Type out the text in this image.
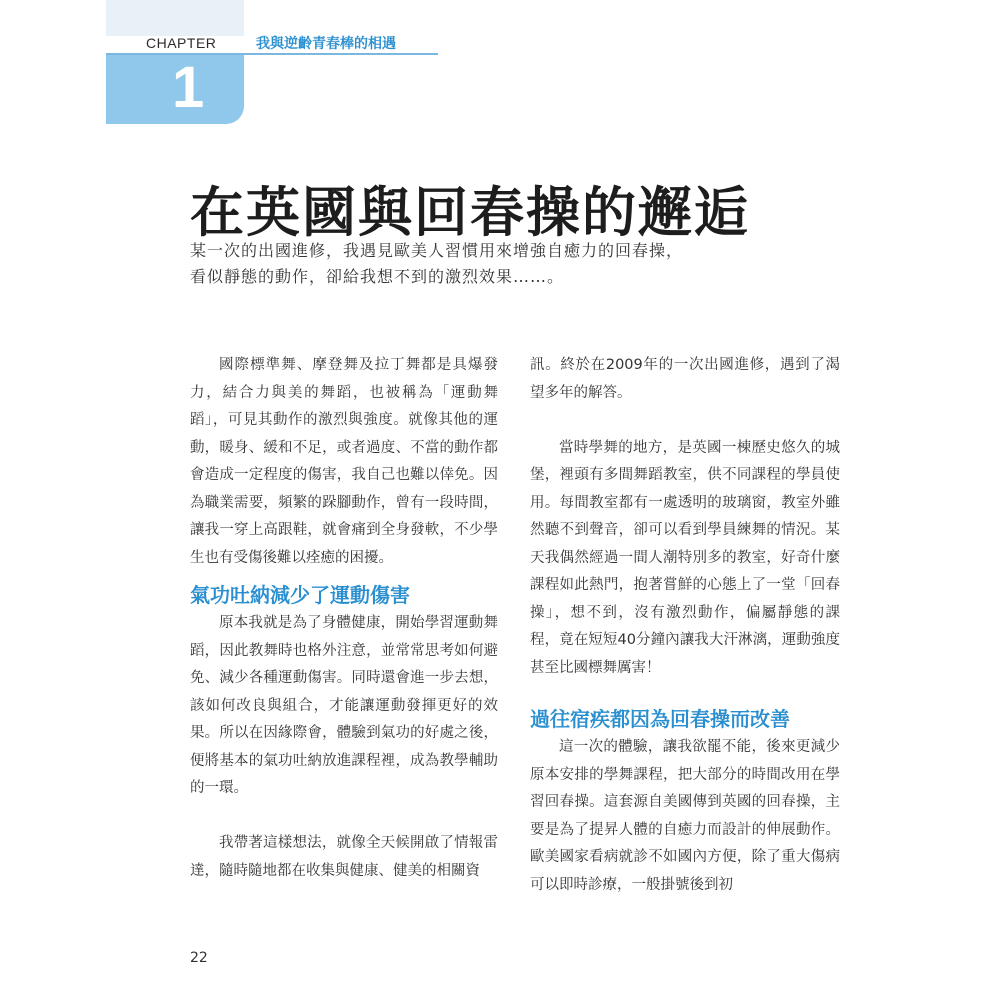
CHAPTER	我與逆齡青春棒的相遇
1
在英國與回春操的邂逅
某一次的出國進修，我遇見歐美人習慣用來增強自癒力的回春操，
看似靜態的動作，卻給我想不到的激烈效果……。

國際標準舞、摩登舞及拉丁舞都是具爆發力，結合力與美的舞蹈，也被稱為「運動舞蹈」，可見其動作的激烈與強度。就像其他的運動，暖身、緩和不足，或者過度、不當的動作都會造成一定程度的傷害，我自己也難以倖免。因為職業需要，頻繁的跺腳動作，曾有一段時間，讓我一穿上高跟鞋，就會痛到全身發軟，不少學生也有受傷後難以痊癒的困擾。

氣功吐納減少了運動傷害

原本我就是為了身體健康，開始學習運動舞蹈，因此教舞時也格外注意，並常常思考如何避免、減少各種運動傷害。同時還會進一步去想，該如何改良與組合，才能讓運動發揮更好的效果。所以在因緣際會，體驗到氣功的好處之後，便將基本的氣功吐納放進課程裡，成為教學輔助的一環。

我帶著這樣想法，就像全天候開啟了情報雷達，隨時隨地都在收集與健康、健美的相關資

訊。終於在2009年的一次出國進修，遇到了渴望多年的解答。

當時學舞的地方，是英國一棟歷史悠久的城堡，裡頭有多間舞蹈教室，供不同課程的學員使用。每間教室都有一處透明的玻璃窗，教室外雖然聽不到聲音，卻可以看到學員練舞的情況。某天我偶然經過一間人潮特別多的教室，好奇什麼課程如此熱門，抱著嘗鮮的心態上了一堂「回春操」，想不到，沒有激烈動作，偏屬靜態的課程，竟在短短40分鐘內讓我大汗淋漓，運動強度甚至比國標舞厲害！

過往宿疾都因為回春操而改善

這一次的體驗，讓我欲罷不能，後來更減少原本安排的學舞課程，把大部分的時間改用在學習回春操。這套源自美國傳到英國的回春操，主要是為了提昇人體的自癒力而設計的伸展動作。歐美國家看病就診不如國內方便，除了重大傷病可以即時診療，一般掛號後到初

22
